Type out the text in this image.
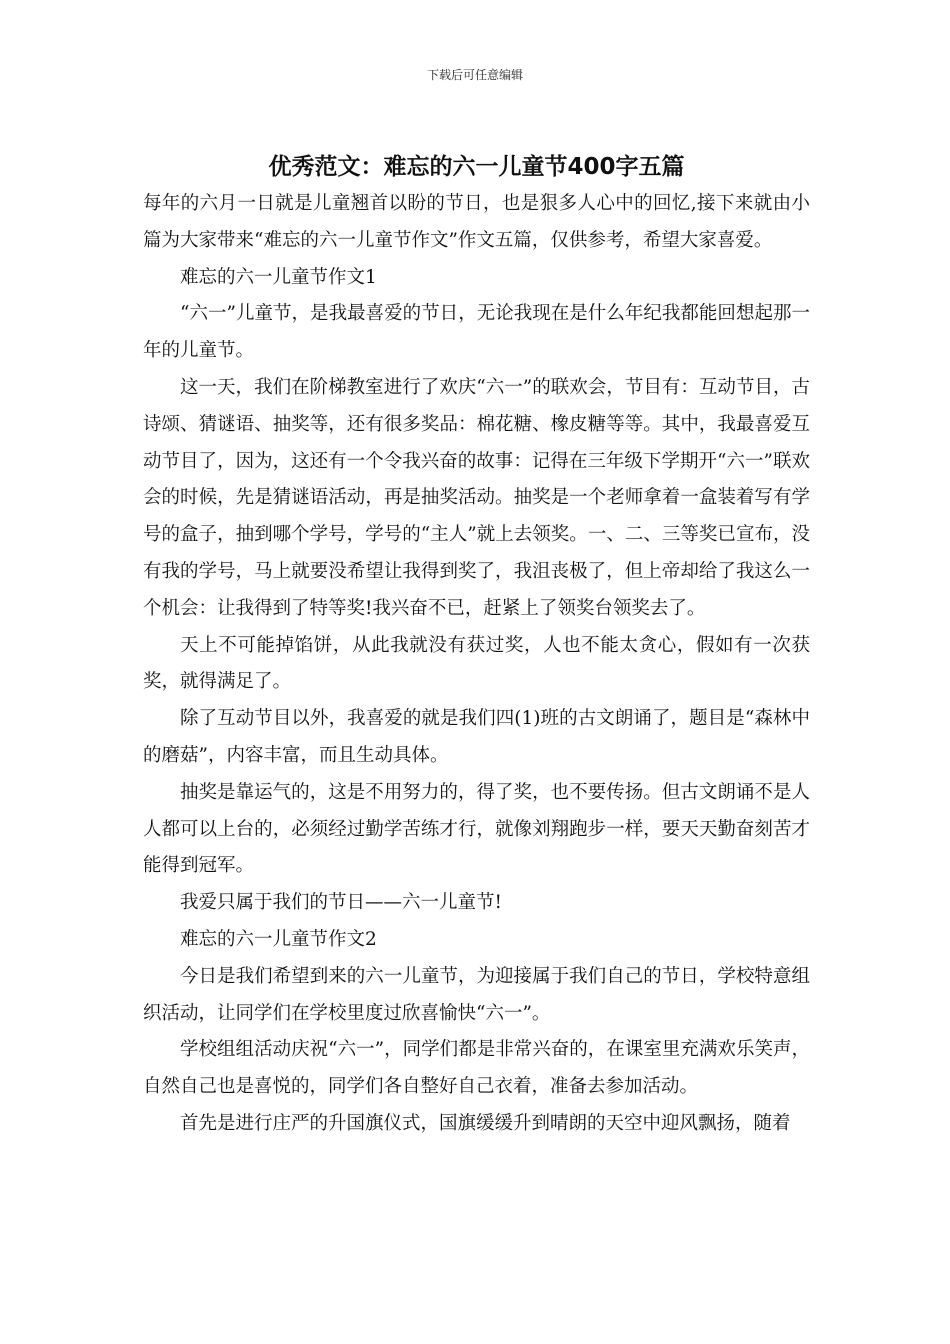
下载后可任意编辑
优秀范文：难忘的六一儿童节400字五篇

每年的六月一日就是儿童翘首以盼的节日，也是狠多人心中的回忆,接下来就由小篇为大家带来“难忘的六一儿童节作文”作文五篇，仅供参考，希望大家喜爱。

难忘的六一儿童节作文1

“六一”儿童节，是我最喜爱的节日，无论我现在是什么年纪我都能回想起那一年的儿童节。

这一天，我们在阶梯教室进行了欢庆“六一”的联欢会，节目有：互动节目，古诗颂、猜谜语、抽奖等，还有很多奖品：棉花糖、橡皮糖等等。其中，我最喜爱互动节目了，因为，这还有一个令我兴奋的故事：记得在三年级下学期开“六一”联欢会的时候，先是猜谜语活动，再是抽奖活动。抽奖是一个老师拿着一盒装着写有学号的盒子，抽到哪个学号，学号的“主人”就上去领奖。一、二、三等奖已宣布，没有我的学号，马上就要没希望让我得到奖了，我沮丧极了，但上帝却给了我这么一个机会：让我得到了特等奖!我兴奋不已，赶紧上了领奖台领奖去了。

天上不可能掉馅饼，从此我就没有获过奖，人也不能太贪心，假如有一次获奖，就得满足了。

除了互动节目以外，我喜爱的就是我们四(1)班的古文朗诵了，题目是“森林中的磨菇”，内容丰富，而且生动具体。

抽奖是靠运气的，这是不用努力的，得了奖，也不要传扬。但古文朗诵不是人人都可以上台的，必须经过勤学苦练才行，就像刘翔跑步一样，要天天勤奋刻苦才能得到冠军。

我爱只属于我们的节日——六一儿童节!

难忘的六一儿童节作文2

今日是我们希望到来的六一儿童节，为迎接属于我们自己的节日，学校特意组织活动，让同学们在学校里度过欣喜愉快“六一”。

学校组组活动庆祝“六一”，同学们都是非常兴奋的，在课室里充满欢乐笑声，自然自己也是喜悦的，同学们各自整好自己衣着，准备去参加活动。

首先是进行庄严的升国旗仪式，国旗缓缓升到晴朗的天空中迎风飘扬，随着
